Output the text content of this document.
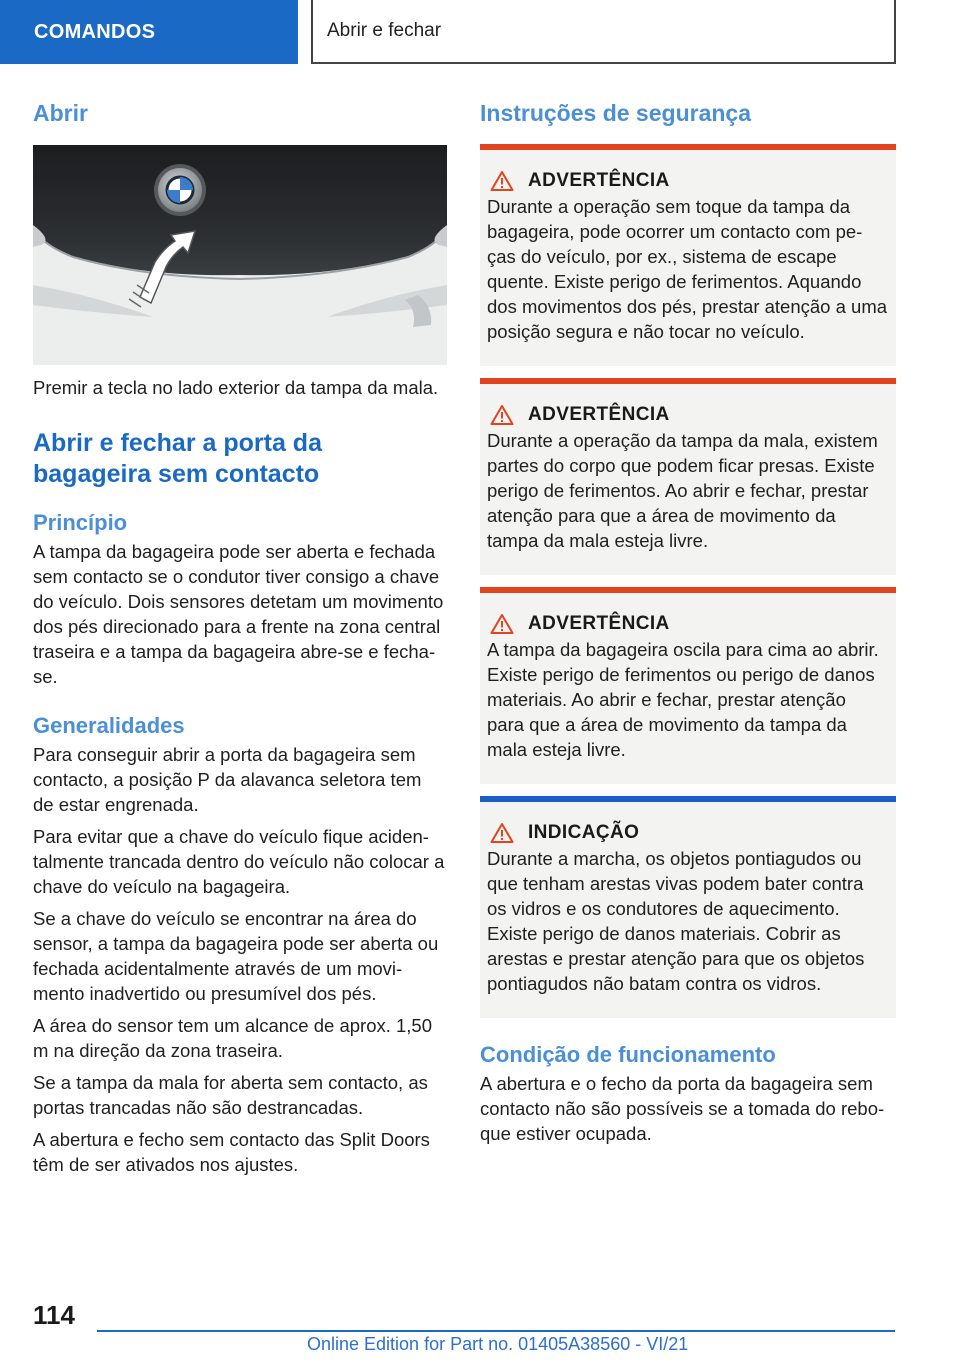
COMANDOS	Abrir e fechar
Abrir

Premir a tecla no lado exterior da tampa da mala.

Abrir e fechar a porta da
bagageira sem contacto
Princípio

A tampa da bagageira pode ser aberta e fechada sem contacto se o condutor tiver consigo a chave do veículo. Dois sensores detetam um movimento dos pés direcionado para a frente na zona central traseira e a tampa da bagageira abre-se e fecha-se.

Generalidades

Para conseguir abrir a porta da bagageira sem contacto, a posição P da alavanca seletora tem de estar engrenada.

Para evitar que a chave do veículo fique aciden-talmente trancada dentro do veículo não colocar a chave do veículo na bagageira.

Se a chave do veículo se encontrar na área do sensor, a tampa da bagageira pode ser aberta ou fechada acidentalmente através de um movi-mento inadvertido ou presumível dos pés.

A área do sensor tem um alcance de aprox. 1,50 m na direção da zona traseira.

Se a tampa da mala for aberta sem contacto, as portas trancadas não são destrancadas.

A abertura e fecho sem contacto das Split Doors têm de ser ativados nos ajustes.

Instruções de segurança
ADVERTÊNCIA

Durante a operação sem toque da tampa da bagageira, pode ocorrer um contacto com pe-ças do veículo, por ex., sistema de escape quente. Existe perigo de ferimentos. Aquando dos movimentos dos pés, prestar atenção a uma posição segura e não tocar no veículo.

ADVERTÊNCIA

Durante a operação da tampa da mala, existem partes do corpo que podem ficar presas. Existe perigo de ferimentos. Ao abrir e fechar, prestar atenção para que a área de movimento da tampa da mala esteja livre.

ADVERTÊNCIA

A tampa da bagageira oscila para cima ao abrir. Existe perigo de ferimentos ou perigo de danos materiais. Ao abrir e fechar, prestar atenção para que a área de movimento da tampa da mala esteja livre.

INDICAÇÃO

Durante a marcha, os objetos pontiagudos ou que tenham arestas vivas podem bater contra os vidros e os condutores de aquecimento. Existe perigo de danos materiais. Cobrir as arestas e prestar atenção para que os objetos pontiagudos não batam contra os vidros.

Condição de funcionamento

A abertura e o fecho da porta da bagageira sem contacto não são possíveis se a tomada do rebo-que estiver ocupada.

114
Online Edition for Part no. 01405A38560 - VI/21
